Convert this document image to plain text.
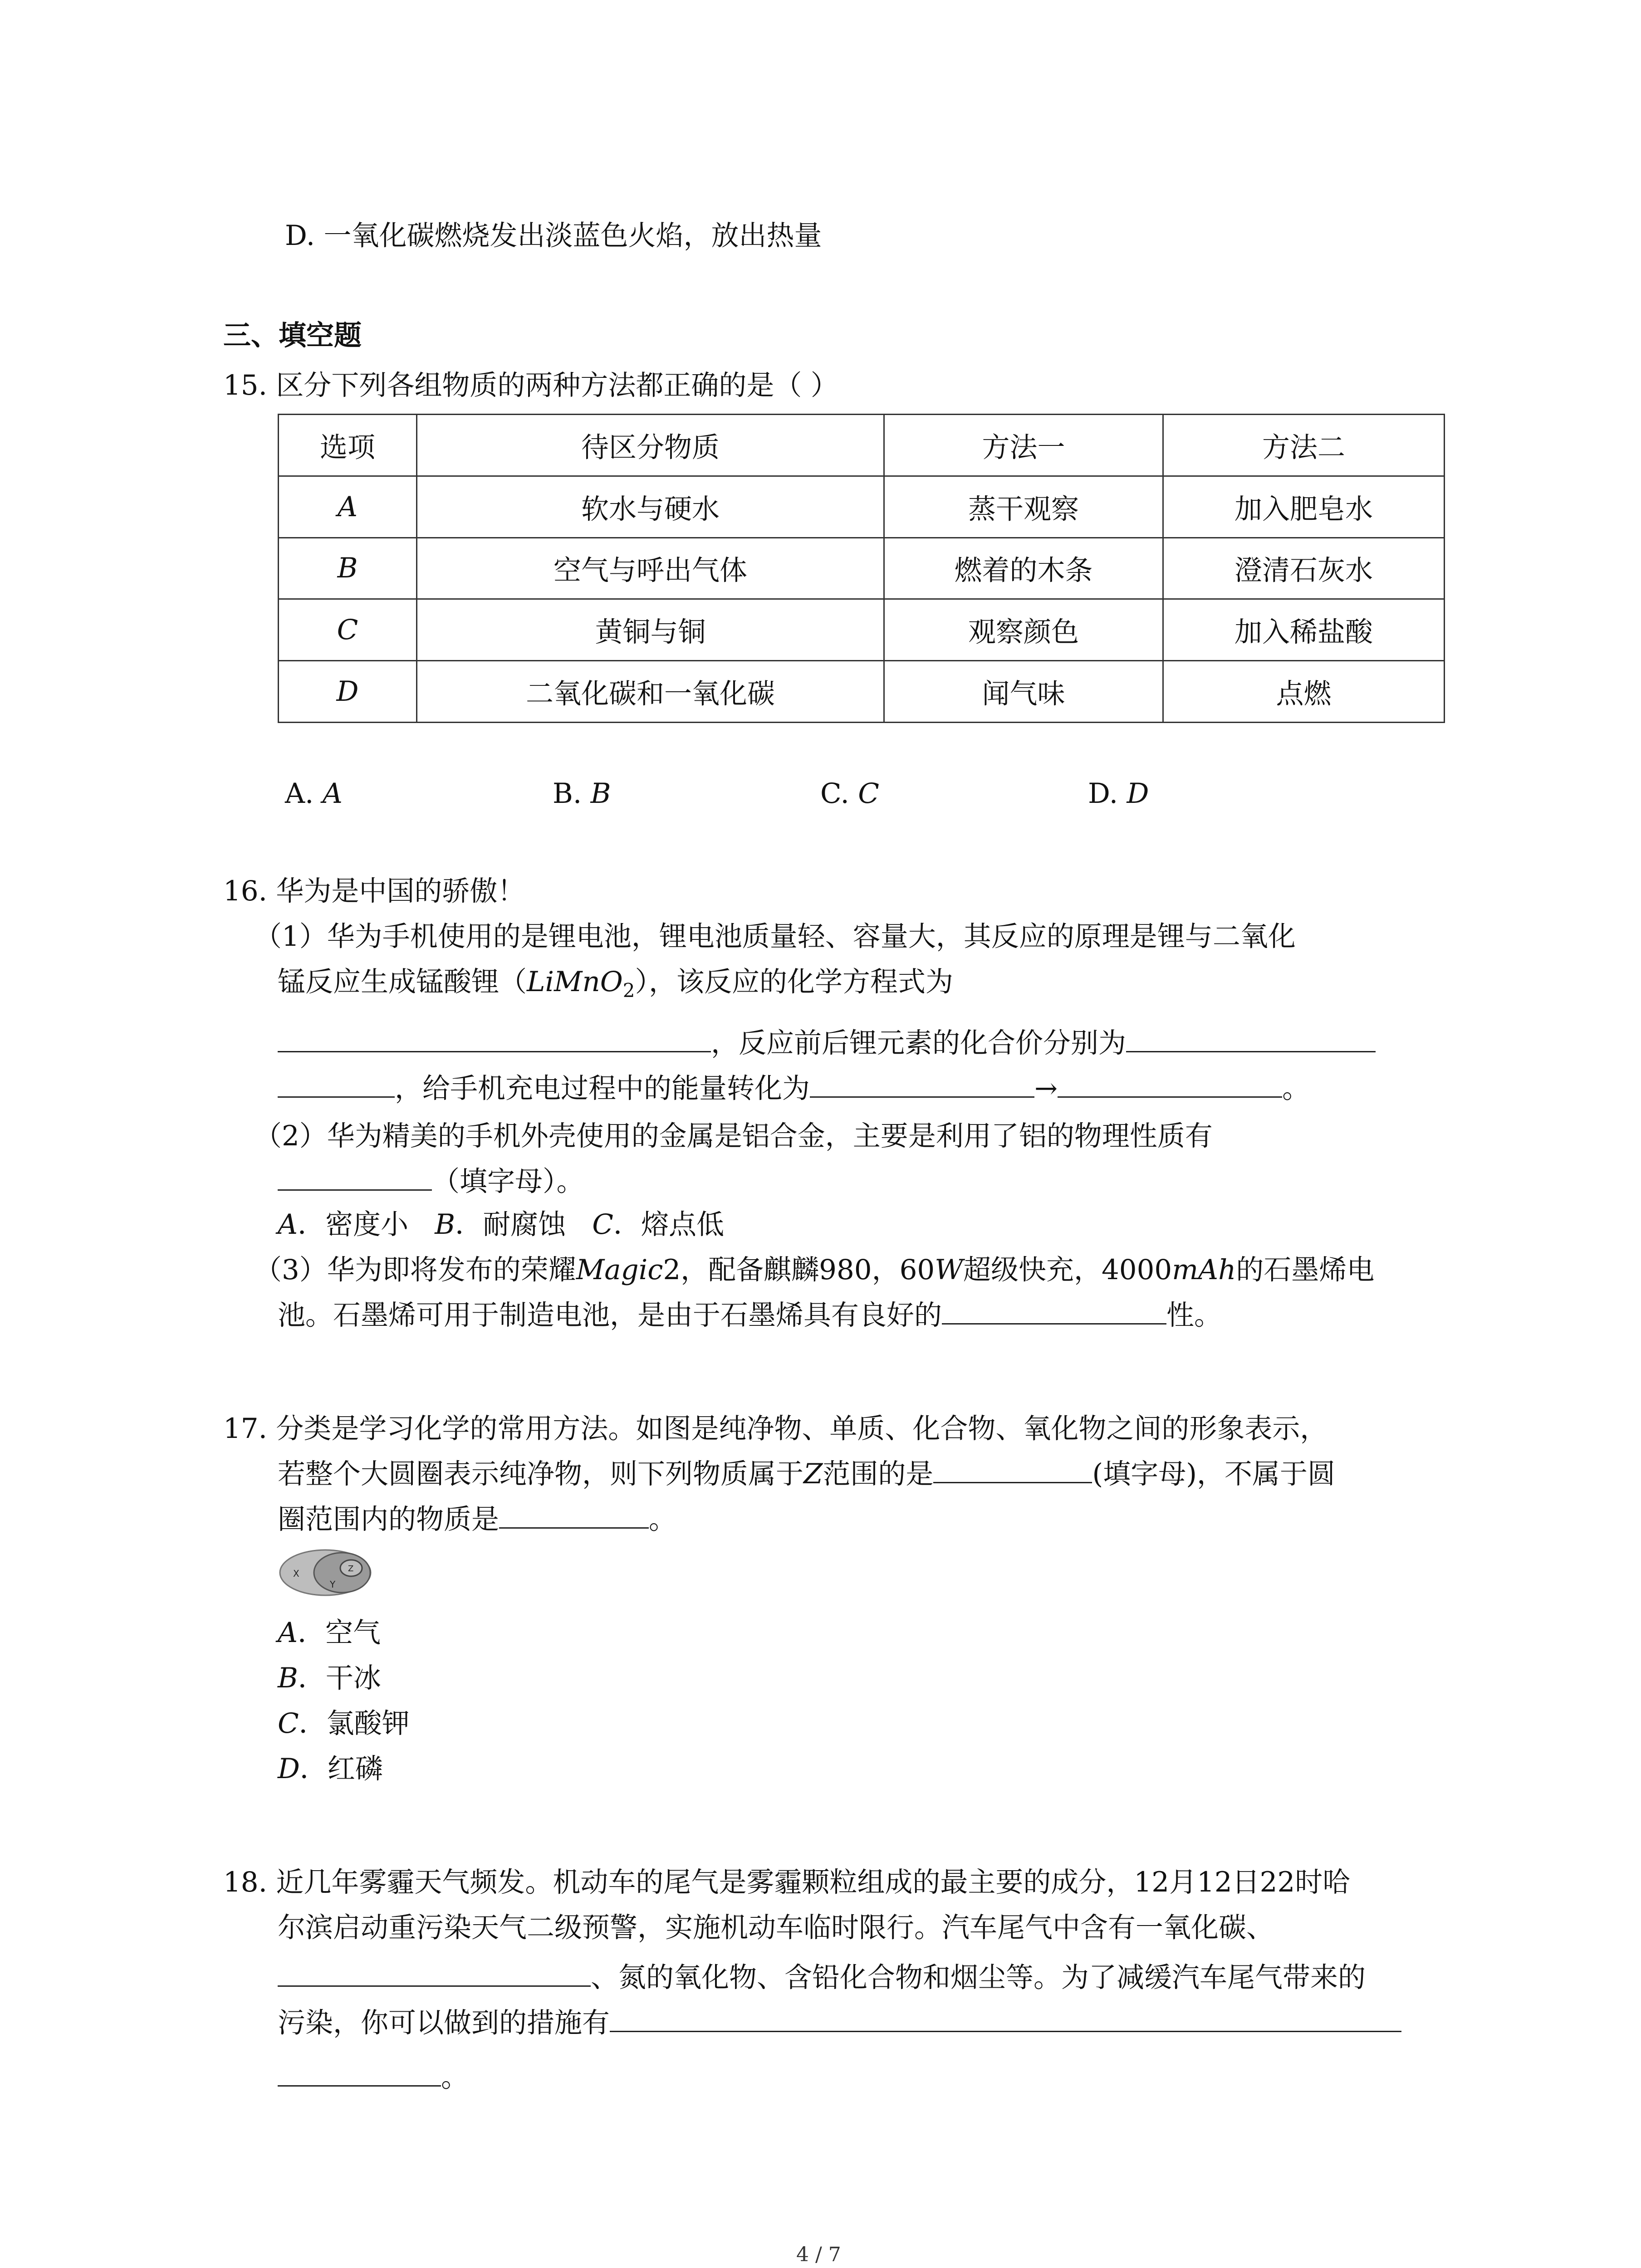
D. 一氧化碳燃烧发出淡蓝色火焰，放出热量
三、填空题
15. 区分下列各组物质的两种方法都正确的是（ ）
选项	待区分物质	方法一	方法二
A	软水与硬水	蒸干观察	加入肥皂水
B	空气与呼出气体	燃着的木条	澄清石灰水
C	黄铜与铜	观察颜色	加入稀盐酸
D	二氧化碳和一氧化碳	闻气味	点燃
A. A	B. B	C. C	D. D
16. 华为是中国的骄傲！
（1）华为手机使用的是锂电池，锂电池质量轻、容量大，其反应的原理是锂与二氧化
锰反应生成锰酸锂（LiMnO$_2$），该反应的化学方程式为
，反应前后锂元素的化合价分别为
，给手机充电过程中的能量转化为	→	。
（2）华为精美的手机外壳使用的金属是铝合金，主要是利用了铝的物理性质有
（填字母）。
A．密度小 B．耐腐蚀 C．熔点低
（3）华为即将发布的荣耀Magic2，配备麒麟980，60W超级快充，4000mAh的石墨烯电
池。石墨烯可用于制造电池，是由于石墨烯具有良好的	性。
17. 分类是学习化学的常用方法。如图是纯净物、单质、化合物、氧化物之间的形象表示，
若整个大圆圈表示纯净物，则下列物质属于Z范围的是	(填字母)，不属于圆
圈范围内的物质是	。
X
Y
Z
A．空气
B．干冰
C．氯酸钾
D．红磷
18. 近几年雾霾天气频发。机动车的尾气是雾霾颗粒组成的最主要的成分，12月12日22时哈
尔滨启动重污染天气二级预警，实施机动车临时限行。汽车尾气中含有一氧化碳、
、氮的氧化物、含铅化合物和烟尘等。为了减缓汽车尾气带来的
污染，你可以做到的措施有
。
4 / 7
